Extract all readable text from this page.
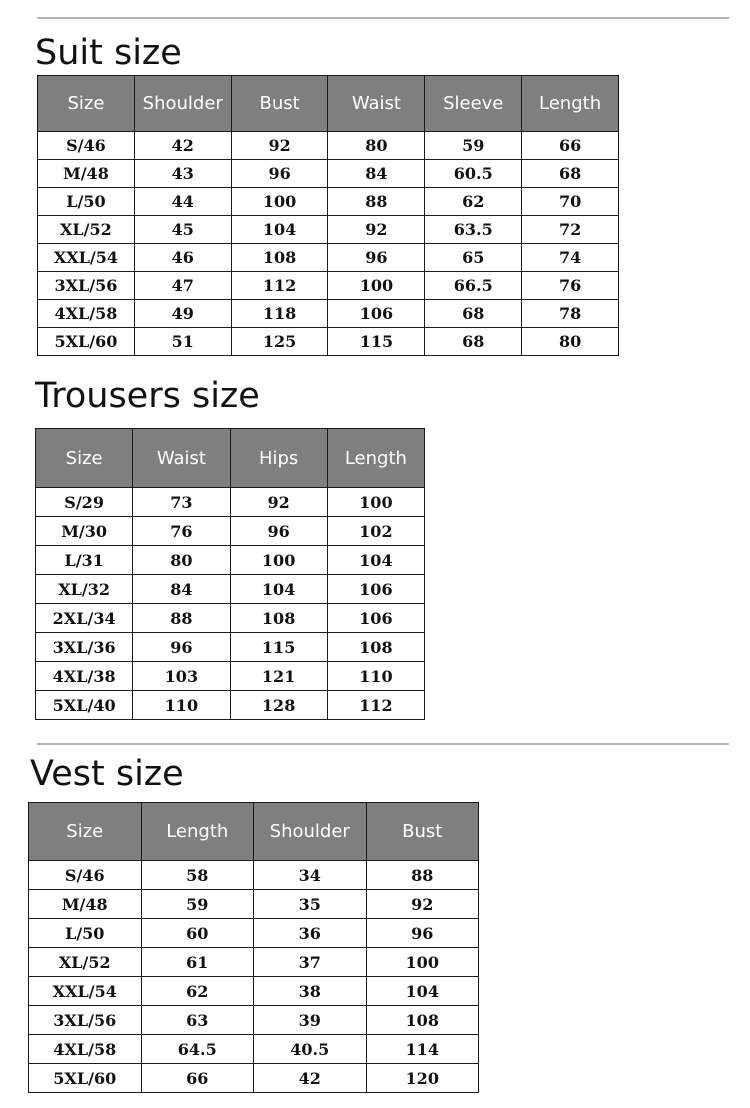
Suit size
Size	Shoulder	Bust	Waist	Sleeve	Length
S/46	42	92	80	59	66
M/48	43	96	84	60.5	68
L/50	44	100	88	62	70
XL/52	45	104	92	63.5	72
XXL/54	46	108	96	65	74
3XL/56	47	112	100	66.5	76
4XL/58	49	118	106	68	78
5XL/60	51	125	115	68	80
Trousers size
Size	Waist	Hips	Length
S/29	73	92	100
M/30	76	96	102
L/31	80	100	104
XL/32	84	104	106
2XL/34	88	108	106
3XL/36	96	115	108
4XL/38	103	121	110
5XL/40	110	128	112
Vest size
Size	Length	Shoulder	Bust
S/46	58	34	88
M/48	59	35	92
L/50	60	36	96
XL/52	61	37	100
XXL/54	62	38	104
3XL/56	63	39	108
4XL/58	64.5	40.5	114
5XL/60	66	42	120
